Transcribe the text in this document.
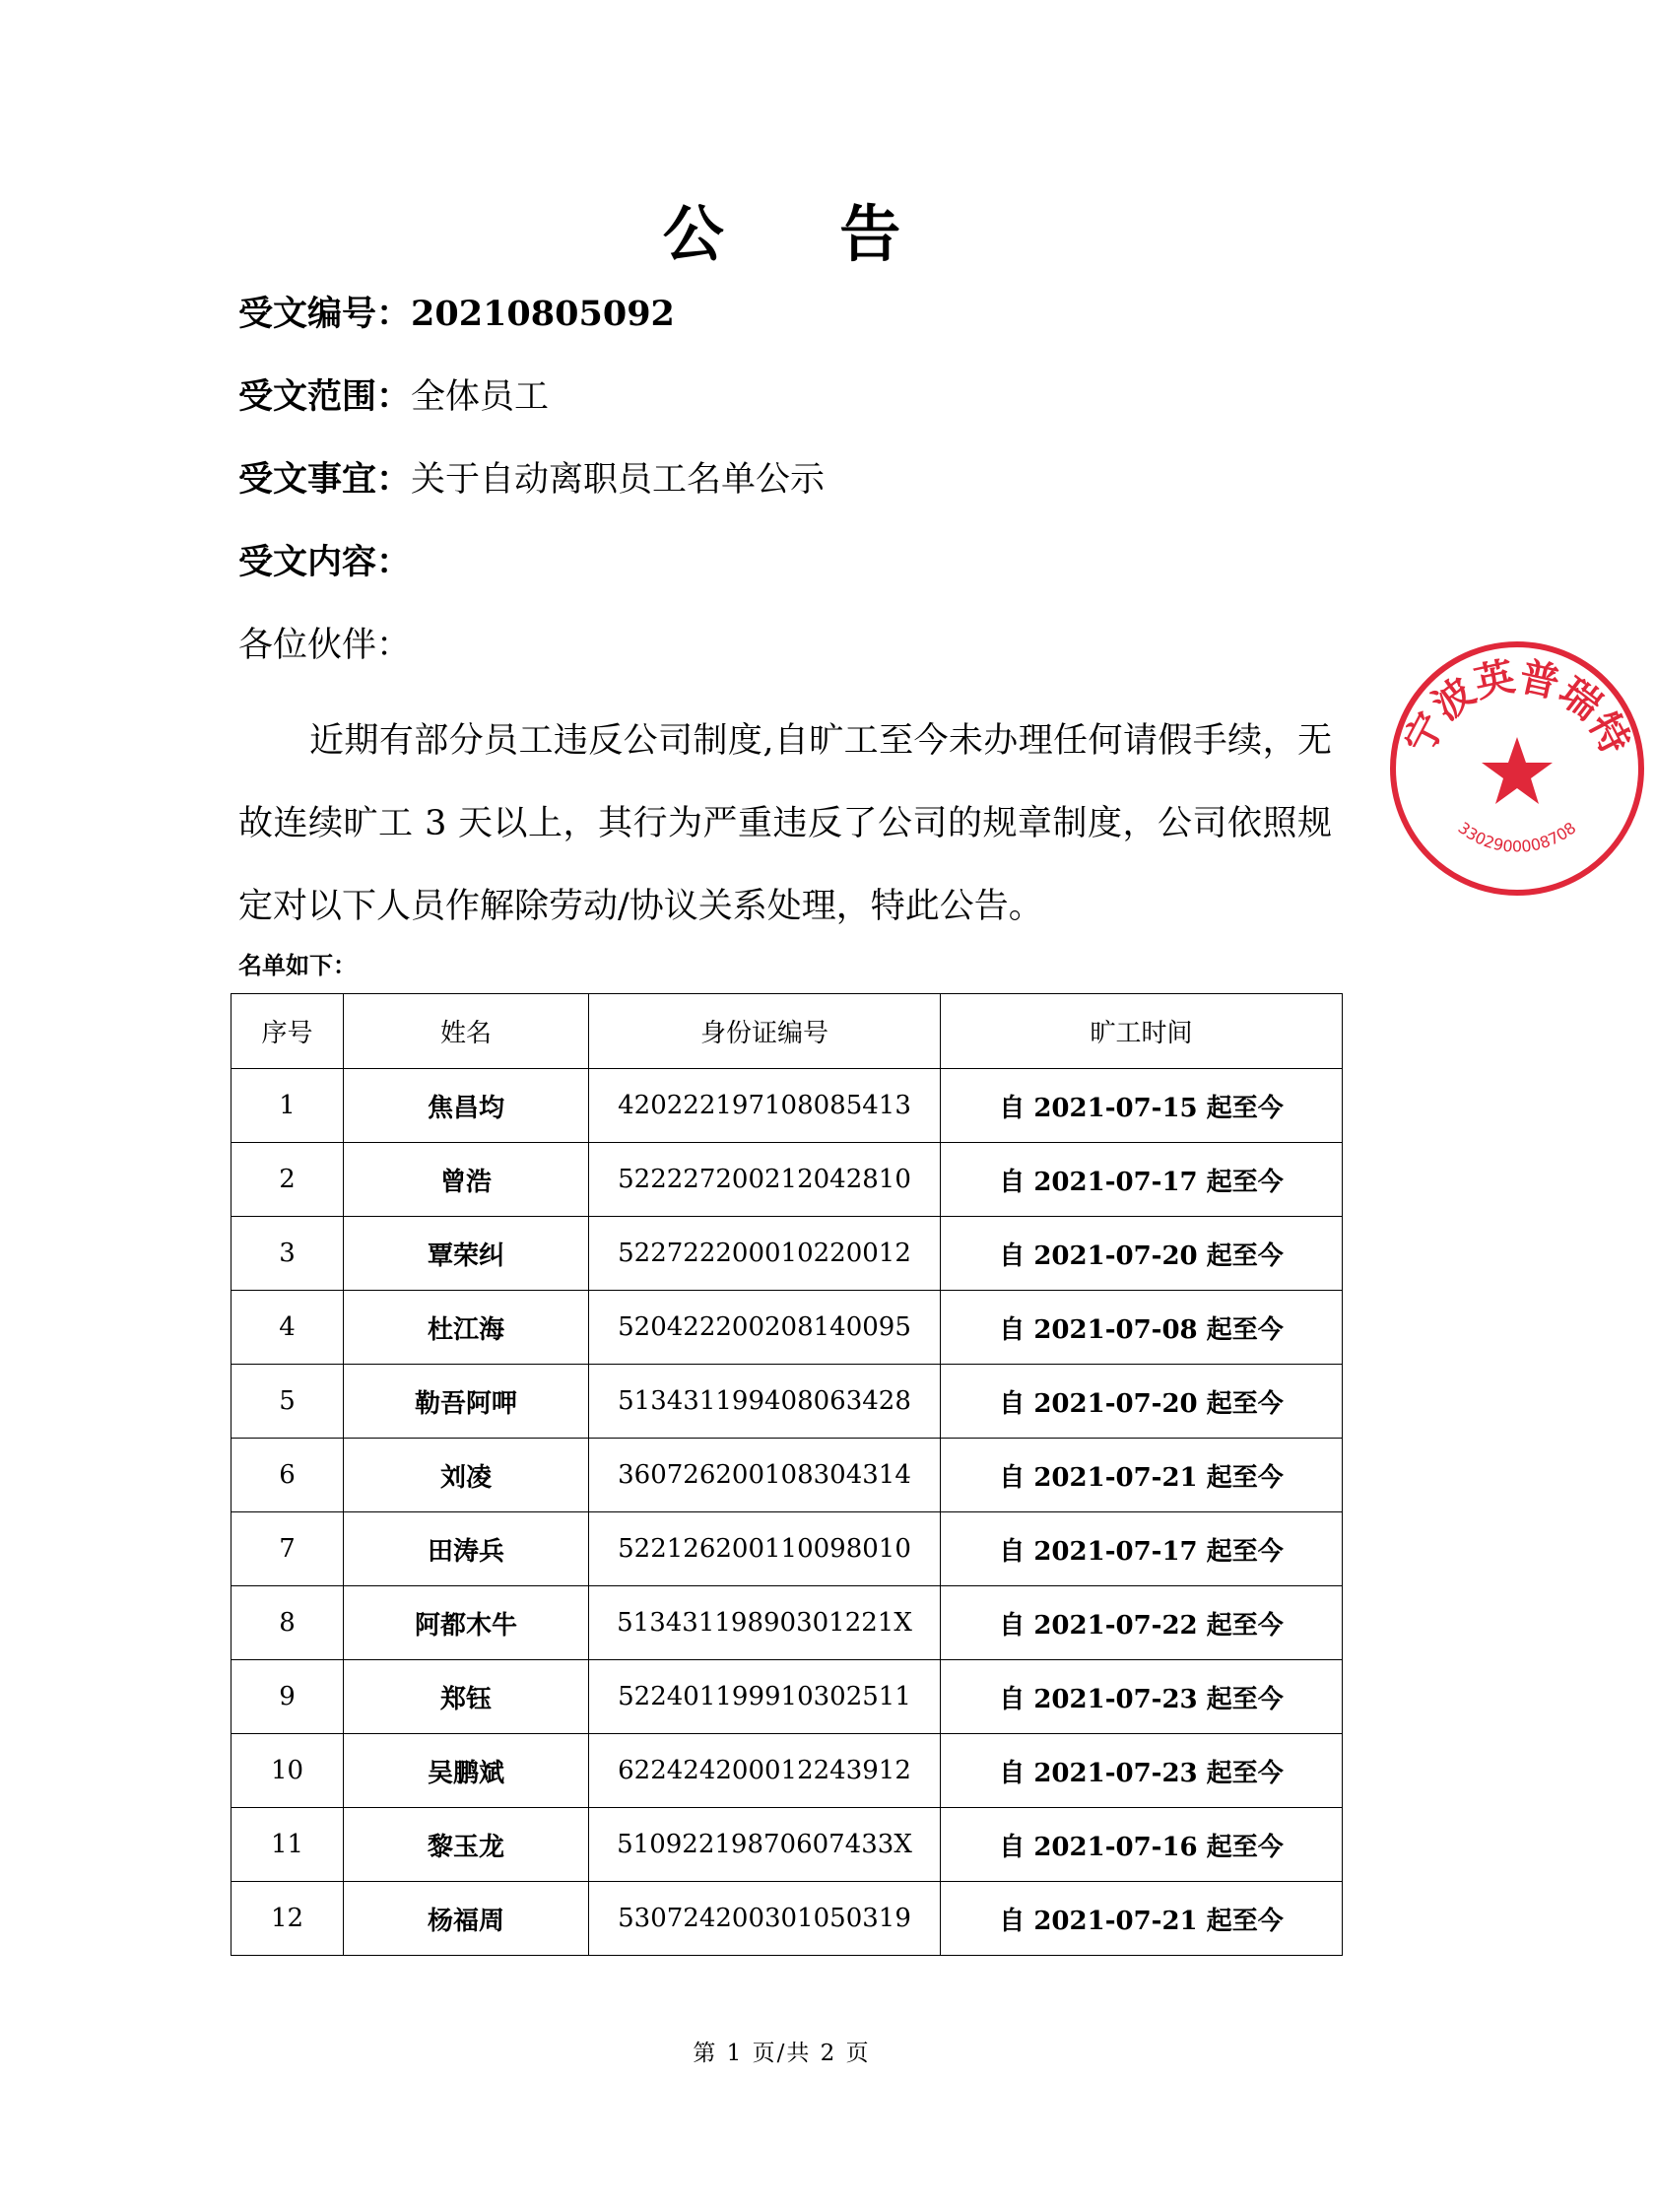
公 告
受文编号：20210805092
受文范围：全体员工
受文事宜：关于自动离职员工名单公示
受文内容：
各位伙伴：

近期有部分员工违反公司制度,自旷工至今未办理任何请假手续，无故连续旷工 3 天以上，其行为严重违反了公司的规章制度，公司依照规定对以下人员作解除劳动/协议关系处理，特此公告。

名单如下：
序号	姓名	身份证编号	旷工时间
1	焦昌均	420222197108085413	自 2021-07-15 起至今
2	曾浩	522227200212042810	自 2021-07-17 起至今
3	覃荣纠	522722200010220012	自 2021-07-20 起至今
4	杜江海	520422200208140095	自 2021-07-08 起至今
5	勒吾阿呷	513431199408063428	自 2021-07-20 起至今
6	刘凌	360726200108304314	自 2021-07-21 起至今
7	田涛兵	522126200110098010	自 2021-07-17 起至今
8	阿都木牛	51343119890301221X	自 2021-07-22 起至今
9	郑钰	522401199910302511	自 2021-07-23 起至今
10	吴鹏斌	622424200012243912	自 2021-07-23 起至今
11	黎玉龙	51092219870607433X	自 2021-07-16 起至今
12	杨福周	530724200301050319	自 2021-07-21 起至今
第 1 页/共 2 页
宁波英普瑞特
3302900008708
